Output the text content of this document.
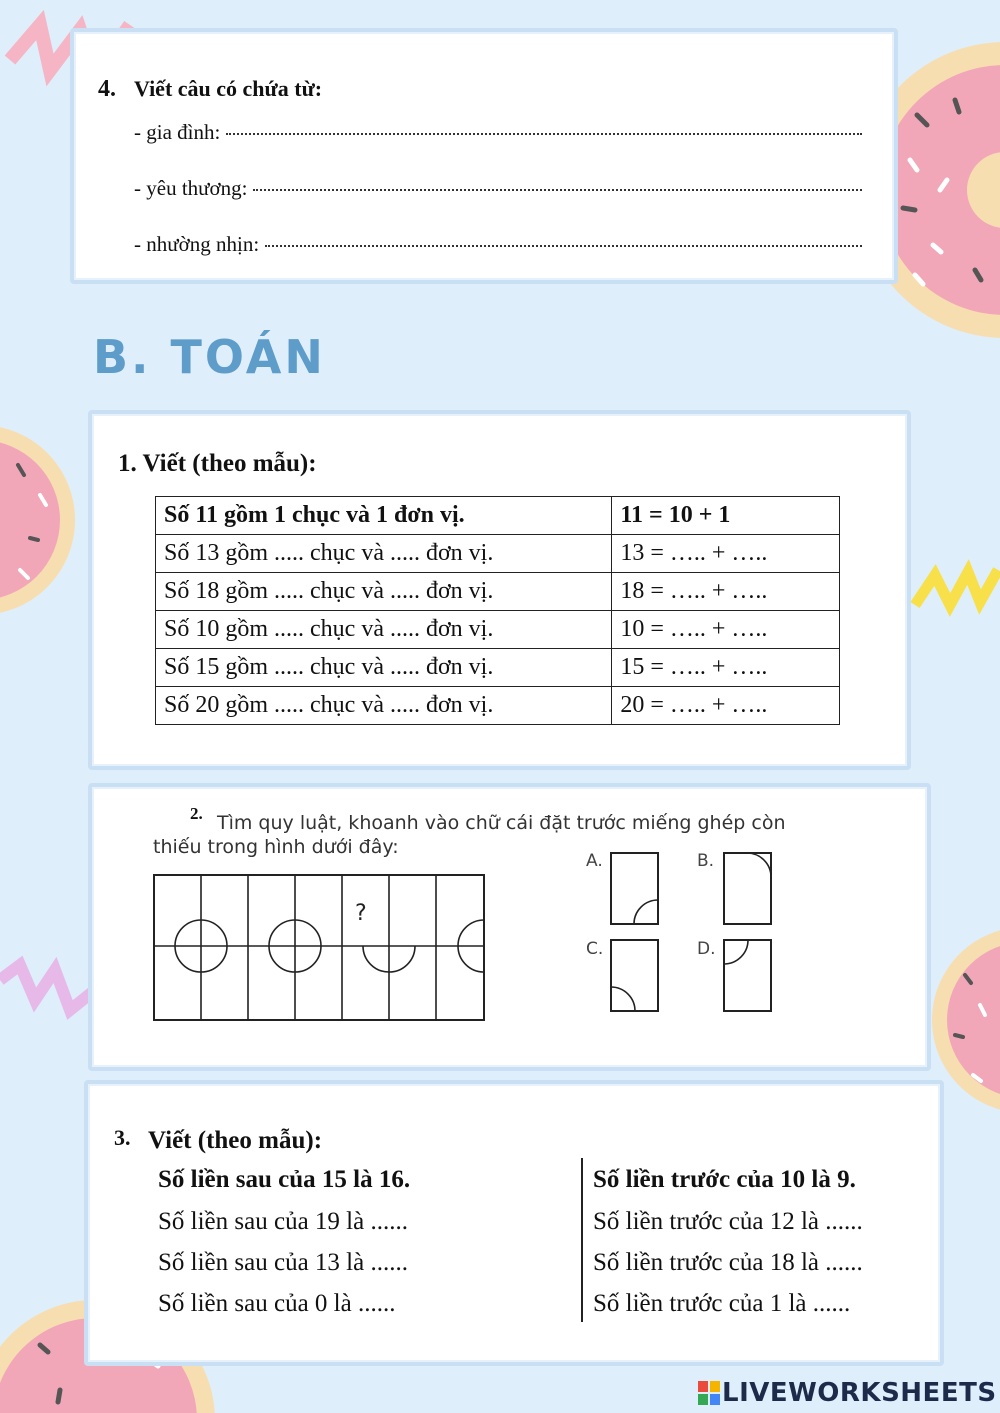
4. Viết câu có chứa từ:
- gia đình:
- yêu thương:
- nhường nhịn:
B. TOÁN
1. Viết (theo mẫu):
Số 11 gồm 1 chục và 1 đơn vị.	11 = 10 + 1
Số 13 gồm ..... chục và ..... đơn vị.	13 = ….. + …..
Số 18 gồm ..... chục và ..... đơn vị.	18 = ….. + …..
Số 10 gồm ..... chục và ..... đơn vị.	10 = ….. + …..
Số 15 gồm ..... chục và ..... đơn vị.	15 = ….. + …..
Số 20 gồm ..... chục và ..... đơn vị.	20 = ….. + …..
2. Tìm quy luật, khoanh vào chữ cái đặt trước miếng ghép còn
thiếu trong hình dưới đây:
?
A.	B.
C.	D.
3. Viết (theo mẫu):
Số liền sau của 15 là 16.
Số liền sau của 19 là ......
Số liền sau của 13 là ......
Số liền sau của 0 là ......
Số liền trước của 10 là 9.
Số liền trước của 12 là ......
Số liền trước của 18 là ......
Số liền trước của 1 là ......
LIVEWORKSHEETS
